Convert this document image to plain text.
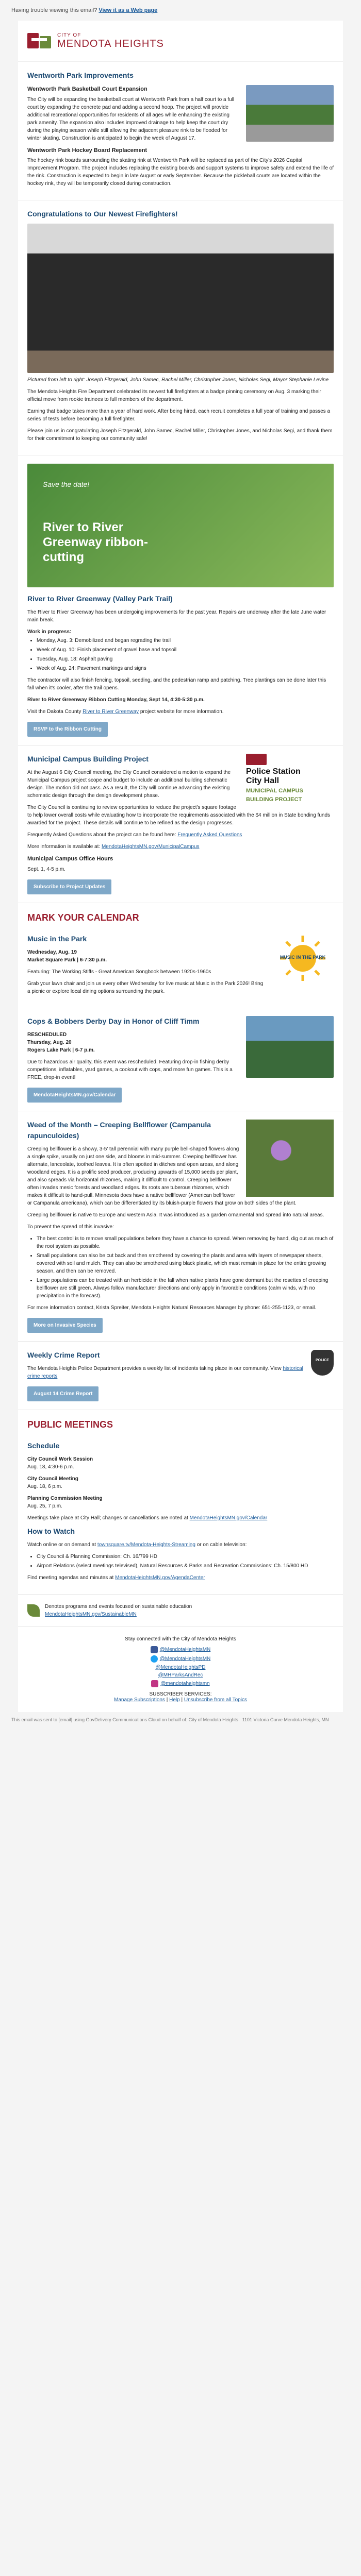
Having trouble viewing this email? View it as a Web page
CITY OF
MENDOTA HEIGHTS
Wentworth Park Improvements
Wentworth Park Basketball Court Expansion

The City will be expanding the basketball court at Wentworth Park from a half court to a full court by expanding the concrete pad and adding a second hoop. The project will provide additional recreational opportunities for residents of all ages while enhancing the existing park amenity. The expansion also includes improved drainage to help keep the court dry during the playing season while still allowing the adjacent pleasure rink to be flooded for winter skating. Construction is anticipated to begin the week of August 17.

Wentworth Park Hockey Board Replacement

The hockey rink boards surrounding the skating rink at Wentworth Park will be replaced as part of the City's 2026 Capital Improvement Program. The project includes replacing the existing boards and support systems to improve safety and extend the life of the rink. Construction is expected to begin in late August or early September. Because the pickleball courts are located within the hockey rink, they will be temporarily closed during construction.

Congratulations to Our Newest Firefighters!

Pictured from left to right: Joseph Fitzgerald, John Samec, Rachel Miller, Christopher Jones, Nicholas Segi, Mayor Stephanie Levine

The Mendota Heights Fire Department celebrated its newest full firefighters at a badge pinning ceremony on Aug. 3 marking their official move from rookie trainees to full members of the department.

Earning that badge takes more than a year of hard work. After being hired, each recruit completes a full year of training and passes a series of tests before becoming a full firefighter.

Please join us in congratulating Joseph Fitzgerald, John Samec, Rachel Miller, Christopher Jones, and Nicholas Segi, and thank them for their commitment to keeping our community safe!

Save the date!
River to River Greenway ribbon-cutting
River to River Greenway (Valley Park Trail)

The River to River Greenway has been undergoing improvements for the past year. Repairs are underway after the late June water main break.

Work in progress:

• Monday, Aug. 3: Demobilized and began regrading the trail
• Week of Aug. 10: Finish placement of gravel base and topsoil
• Tuesday, Aug. 18: Asphalt paving
• Week of Aug. 24: Pavement markings and signs

The contractor will also finish fencing, topsoil, seeding, and the pedestrian ramp and patching. Tree plantings can be done later this fall when it's cooler, after the trail opens.

River to River Greenway Ribbon Cutting Monday, Sept 14, 4:30-5:30 p.m.

Visit the Dakota County River to River Greenway project website for more information.

RSVP to the Ribbon Cutting
Police Station
City Hall
MUNICIPAL CAMPUS
BUILDING PROJECT
Municipal Campus Building Project

At the August 6 City Council meeting, the City Council considered a motion to expand the Municipal Campus project scope and budget to include an additional building schematic design. The motion did not pass. As a result, the City will continue advancing the existing schematic design through the design development phase.

The City Council is continuing to review opportunities to reduce the project's square footage to help lower overall costs while evaluating how to incorporate the requirements associated with the $4 million in State bonding funds awarded for the project. These details will continue to be refined as the design progresses.

Frequently Asked Questions about the project can be found here: Frequently Asked Questions

More information is available at: MendotaHeightsMN.gov/MunicipalCampus

Municipal Campus Office Hours

Sept. 1, 4-5 p.m.

Subscribe to Project Updates
MARK YOUR CALENDAR
MUSIC IN THE PARK
Music in the Park

Wednesday, Aug. 19

Market Square Park | 6-7:30 p.m.

Featuring: The Working Stiffs - Great American Songbook between 1920s-1960s

Grab your lawn chair and join us every other Wednesday for live music at Music in the Park 2026! Bring a picnic or explore local dining options surrounding the park.

Cops & Bobbers Derby Day in Honor of Cliff Timm

RESCHEDULED

Thursday, Aug. 20

Rogers Lake Park | 6-7 p.m.

Due to hazardous air quality, this event was rescheduled. Featuring drop-in fishing derby competitions, inflatables, yard games, a cookout with cops, and more fun games. This is a FREE, drop-in event!

MendotaHeightsMN.gov/Calendar
Weed of the Month – Creeping Bellflower (Campanula rapunculoides)

Creeping bellflower is a showy, 3-5' tall perennial with many purple bell-shaped flowers along a single spike, usually on just one side, and blooms in mid-summer. Creeping bellflower has alternate, lanceolate, toothed leaves. It is often spotted in ditches and open areas, and along woodland edges. It is a prolific seed producer, producing upwards of 15,000 seeds per plant, and also spreads via horizontal rhizomes, making it difficult to control. Creeping bellflower often invades mesic forests and woodland edges. Its roots are tuberous rhizomes, which makes it difficult to hand-pull. Minnesota does have a native bellflower (American bellflower or Campanula americana), which can be differentiated by its bluish-purple flowers that grow on both sides of the plant.

Creeping bellflower is native to Europe and western Asia. It was introduced as a garden ornamental and spread into natural areas.

To prevent the spread of this invasive:

• The best control is to remove small populations before they have a chance to spread. When removing by hand, dig out as much of the root system as possible.
• Small populations can also be cut back and then smothered by covering the plants and area with layers of newspaper sheets, covered with soil and mulch. They can also be smothered using black plastic, which must remain in place for the entire growing season, and then can be removed.
• Large populations can be treated with an herbicide in the fall when native plants have gone dormant but the rosettes of creeping bellflower are still green. Always follow manufacturer directions and only apply in favorable conditions (calm winds, with no precipitation in the forecast).

For more information contact, Krista Spreiter, Mendota Heights Natural Resources Manager by phone: 651-255-1123, or email.

More on Invasive Species
POLICE
Weekly Crime Report

The Mendota Heights Police Department provides a weekly list of incidents taking place in our community. View historical crime reports

August 14 Crime Report
PUBLIC MEETINGS
Schedule

City Council Work Session
Aug. 18, 4:30-6 p.m.

City Council Meeting
Aug. 18, 6 p.m.

Planning Commission Meeting
Aug. 25, 7 p.m.

Meetings take place at City Hall; changes or cancellations are noted at MendotaHeightsMN.gov/Calendar

How to Watch

Watch online or on demand at townsquare.tv/Mendota-Heights-Streaming or on cable television:

• City Council & Planning Commission: Ch. 16/799 HD
• Airport Relations (select meetings televised), Natural Resources & Parks and Recreation Commissions: Ch. 15/800 HD

Find meeting agendas and minutes at MendotaHeightsMN.gov/AgendaCenter

Denotes programs and events focused on sustainable education
MendotaHeightsMN.gov/SustainableMN
Stay connected with the City of Mendota Heights
@MendotaHeightsMN
@MendotaHeightsMN
@MendotaHeightsPD
@MHParksAndRec
@mendotaheightsmn
SUBSCRIBER SERVICES:
Manage Subscriptions | Help | Unsubscribe from all Topics
This email was sent to [email] using GovDelivery Communications Cloud on behalf of: City of Mendota Heights · 1101 Victoria Curve Mendota Heights, MN
